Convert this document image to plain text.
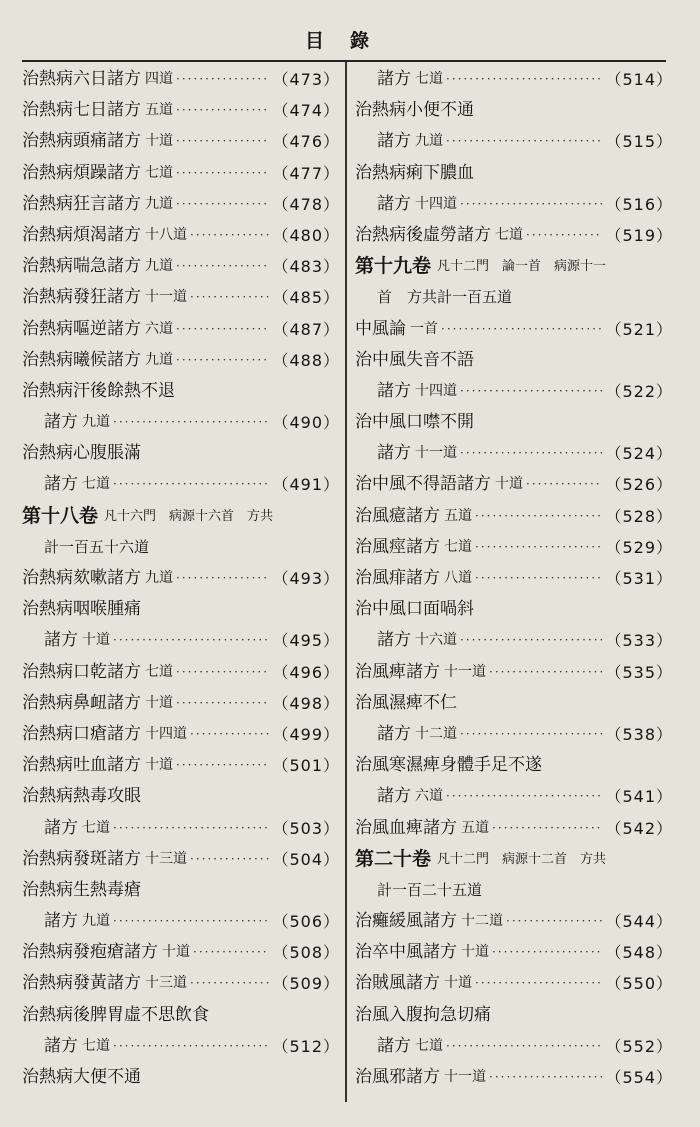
目錄
治熱病六日諸方 四道 ·····	（473）
治熱病七日諸方 五道 ·····	（474）
治熱病頭痛諸方 十道 ·····	（476）
治熱病煩躁諸方 七道 ·····	（477）
治熱病狂言諸方 九道 ·····	（478）
治熱病煩渴諸方 十八道 ·····	（480）
治熱病喘急諸方 九道 ·····	（483）
治熱病發狂諸方 十一道 ·····	（485）
治熱病嘔逆諸方 六道 ·····	（487）
治熱病曦候諸方 九道 ·····	（488）
治熱病汗後餘熱不退
諸方 九道 ·····	（490）
治熱病心腹脹滿
諸方 七道 ·····	（491）
第十八卷 凡十六門　病源十六首　方共
計一百五十六道
治熱病欬嗽諸方 九道 ·····	（493）
治熱病咽喉腫痛
諸方 十道 ·····	（495）
治熱病口乾諸方 七道 ·····	（496）
治熱病鼻衄諸方 十道 ·····	（498）
治熱病口瘡諸方 十四道 ·····	（499）
治熱病吐血諸方 十道 ·····	（501）
治熱病熱毒攻眼
諸方 七道 ·····	（503）
治熱病發斑諸方 十三道 ·····	（504）
治熱病生熱毒瘡
諸方 九道 ·····	（506）
治熱病發疱瘡諸方 十道 ·····	（508）
治熱病發黃諸方 十三道 ·····	（509）
治熱病後脾胃虛不思飲食
諸方 七道 ·····	（512）
治熱病大便不通
諸方 七道 ·····	（514）
治熱病小便不通
諸方 九道 ·····	（515）
治熱病痢下膿血
諸方 十四道 ·····	（516）
治熱病後虛勞諸方 七道 ·····	（519）
第十九卷 凡十二門　論一首　病源十一
首　方共計一百五道
中風論 一首 ·····	（521）
治中風失音不語
諸方 十四道 ·····	（522）
治中風口噤不開
諸方 十一道 ·····	（524）
治中風不得語諸方 十道 ·····	（526）
治風癔諸方 五道 ·····	（528）
治風痙諸方 七道 ·····	（529）
治風痱諸方 八道 ·····	（531）
治中風口面喎斜
諸方 十六道 ·····	（533）
治風痺諸方 十一道 ·····	（535）
治風濕痺不仁
諸方 十二道 ·····	（538）
治風寒濕痺身體手足不遂
諸方 六道 ·····	（541）
治風血痺諸方 五道 ·····	（542）
第二十卷 凡十二門　病源十二首　方共
計一百二十五道
治癱緩風諸方 十二道 ·····	（544）
治卒中風諸方 十道 ·····	（548）
治賊風諸方 十道 ·····	（550）
治風入腹拘急切痛
諸方 七道 ·····	（552）
治風邪諸方 十一道 ·····	（554）
